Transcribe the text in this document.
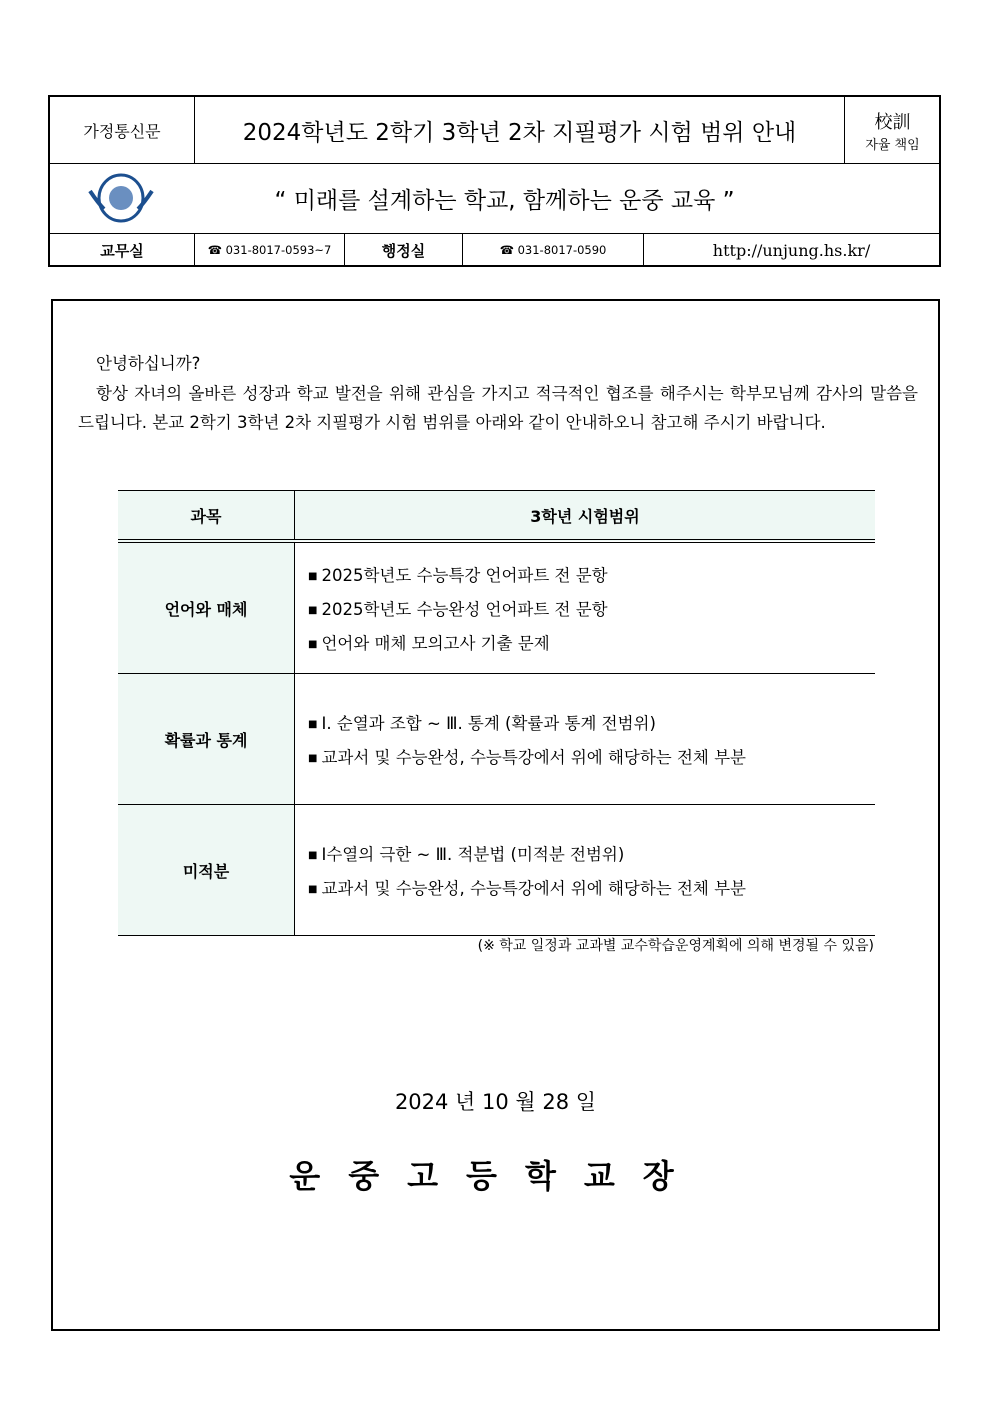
가정통신문	2024학년도 2학기 3학년 2차 지필평가 시험 범위 안내	校訓
자율 책임
“ 미래를 설계하는 학교, 함께하는 운중 교육 ”
교무실	☎ 031-8017-0593~7	행정실	☎ 031-8017-0590	http://unjung.hs.kr/
안녕하십니까?
항상 자녀의 올바른 성장과 학교 발전을 위해 관심을 가지고 적극적인 협조를 해주시는 학부모님께 감사의 말씀을 드립니다. 본교 2학기 3학년 2차 지필평가 시험 범위를 아래와 같이 안내하오니 참고해 주시기 바랍니다.
과목	3학년 시험범위
언어와 매체	■ 2025학년도 수능특강 언어파트 전 문항
■ 2025학년도 수능완성 언어파트 전 문항
■ 언어와 매체 모의고사 기출 문제

확률과 통계	■ Ⅰ. 순열과 조합 ~ Ⅲ. 통계 (확률과 통계 전범위)
■ 교과서 및 수능완성, 수능특강에서 위에 해당하는 전체 부분

미적분	■ Ⅰ수열의 극한 ~ Ⅲ. 적분법 (미적분 전범위)
■ 교과서 및 수능완성, 수능특강에서 위에 해당하는 전체 부분
(※ 학교 일정과 교과별 교수학습운영계획에 의해 변경될 수 있음)
2024 년 10 월 28 일
운중고등학교장
